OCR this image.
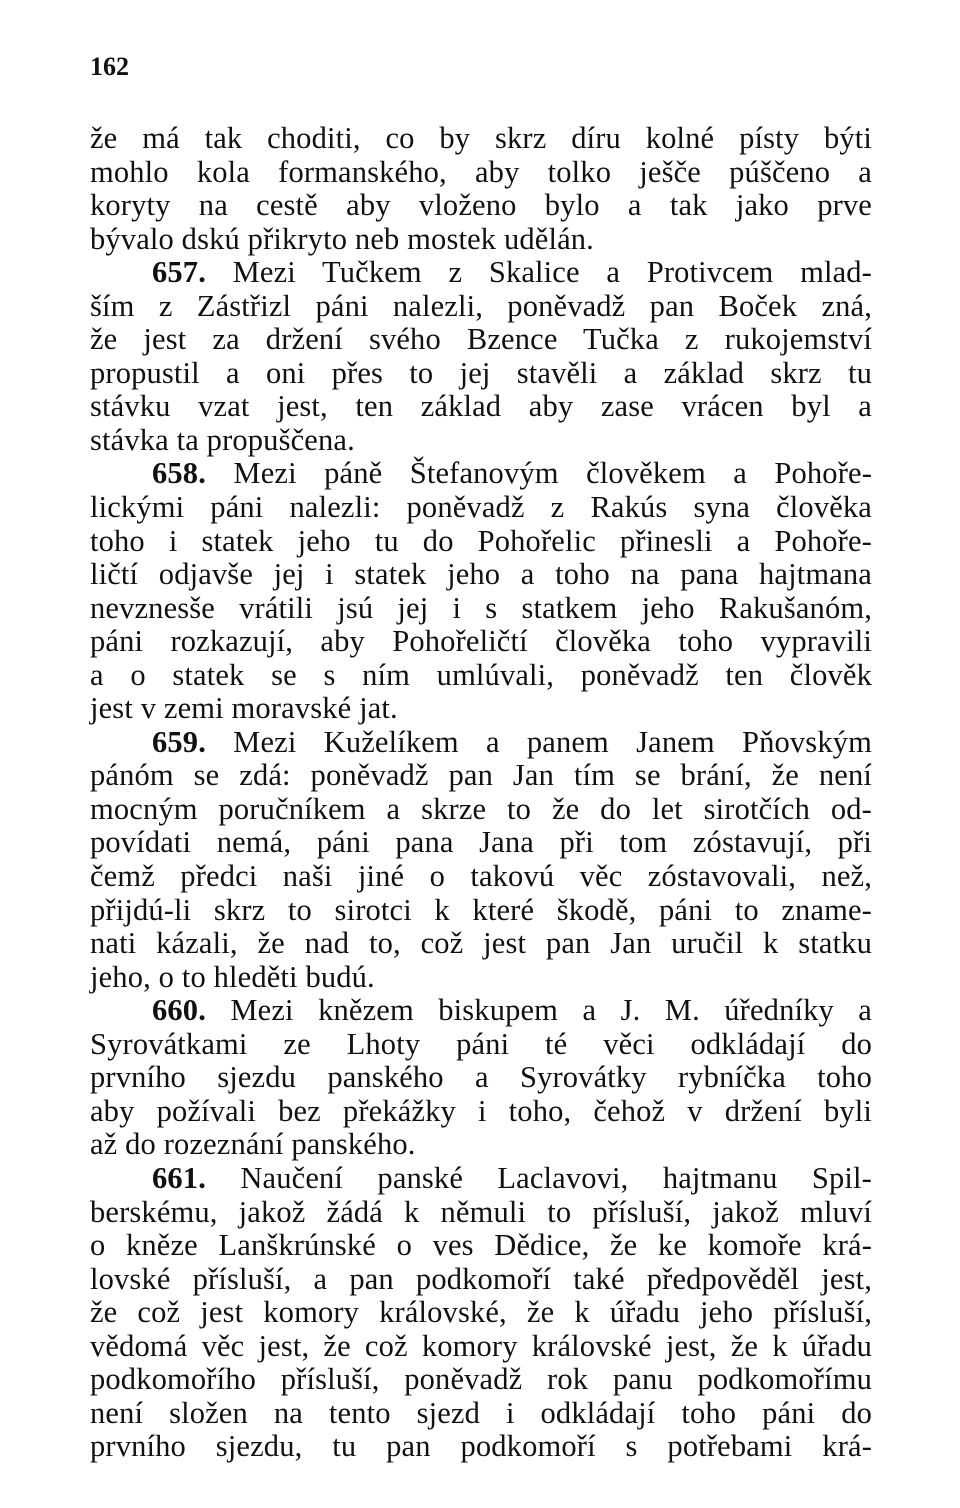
162
že má tak choditi, co by skrz díru kolné písty býti
mohlo kola formanského, aby tolko ješče púščeno a
koryty na cestě aby vloženo bylo a tak jako prve
bývalo dskú přikryto neb mostek udělán.
657. Mezi Tučkem z Skalice a Protivcem mlad-
ším z Zástřizl páni nalezli, poněvadž pan Boček zná,
že jest za držení svého Bzence Tučka z rukojemství
propustil a oni přes to jej stavěli a základ skrz tu
stávku vzat jest, ten základ aby zase vrácen byl a
stávka ta propuščena.
658. Mezi páně Štefanovým člověkem a Pohoře-
lickými páni nalezli: poněvadž z Rakús syna člověka
toho i statek jeho tu do Pohořelic přinesli a Pohoře-
ličtí odjavše jej i statek jeho a toho na pana hajtmana
nevznesše vrátili jsú jej i s statkem jeho Rakušanóm,
páni rozkazují, aby Pohořeličtí člověka toho vypravili
a o statek se s ním umlúvali, poněvadž ten člověk
jest v zemi moravské jat.
659. Mezi Kuželíkem a panem Janem Pňovským
pánóm se zdá: poněvadž pan Jan tím se brání, že není
mocným poručníkem a skrze to že do let sirotčích od-
povídati nemá, páni pana Jana při tom zóstavují, při
čemž předci naši jiné o takovú věc zóstavovali, než,
přijdú-li skrz to sirotci k které škodě, páni to zname-
nati kázali, že nad to, což jest pan Jan uručil k statku
jeho, o to hleděti budú.
660. Mezi knězem biskupem a J. M. úředníky a
Syrovátkami ze Lhoty páni té věci odkládají do
prvního sjezdu panského a Syrovátky rybníčka toho
aby požívali bez překážky i toho, čehož v držení byli
až do rozeznání panského.
661. Naučení panské Laclavovi, hajtmanu Spil-
berskému, jakož žádá k němuli to přísluší, jakož mluví
o kněze Lanškrúnské o ves Dědice, že ke komoře krá-
lovské přísluší, a pan podkomoří také předpověděl jest,
že což jest komory královské, že k úřadu jeho přísluší,
vědomá věc jest, že což komory královské jest, že k úřadu
podkomořího přísluší, poněvadž rok panu podkomořímu
není složen na tento sjezd i odkládají toho páni do
prvního sjezdu, tu pan podkomoří s potřebami krá-
